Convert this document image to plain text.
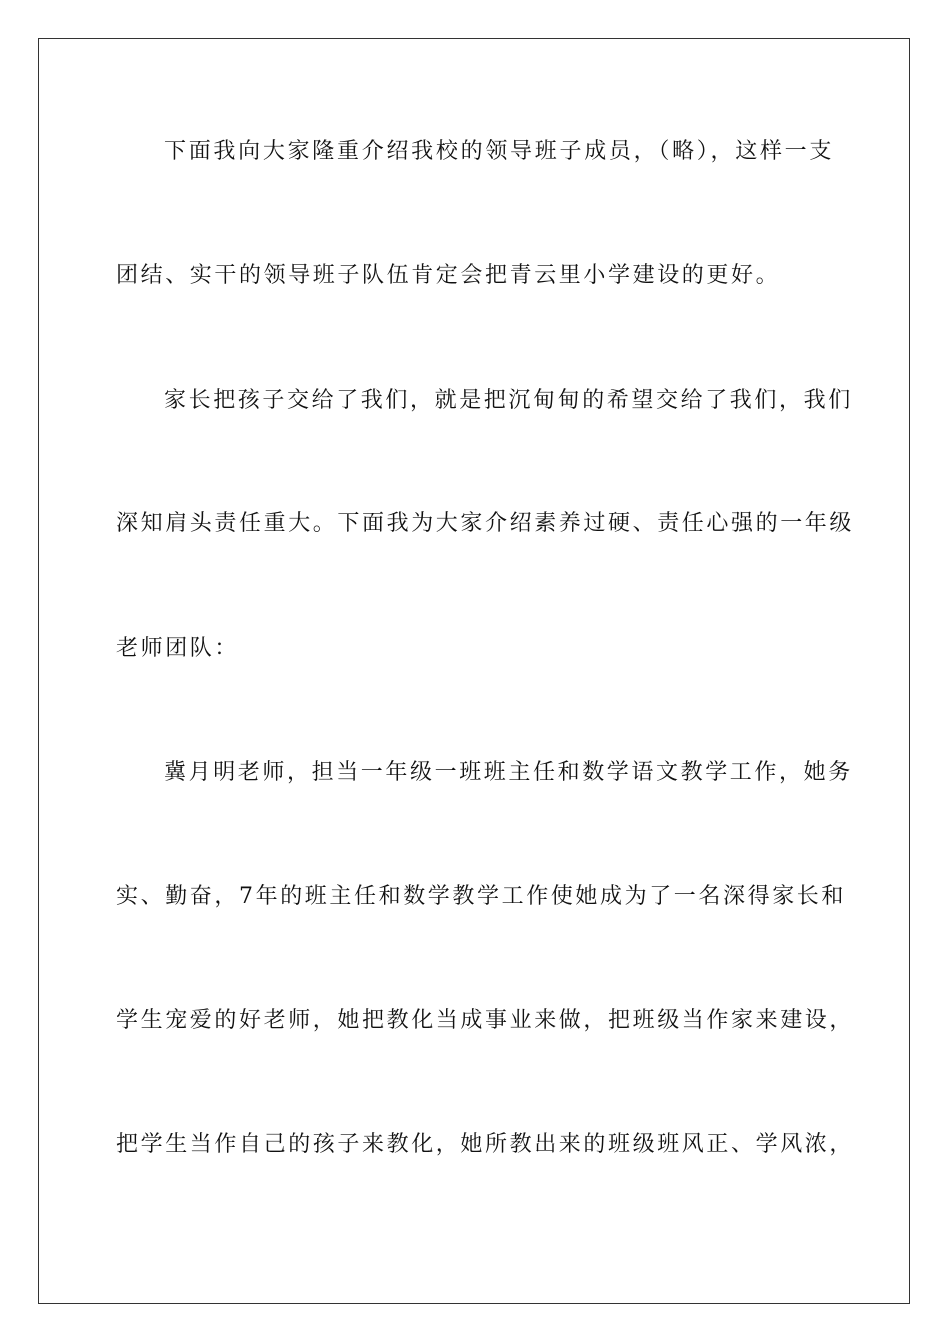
下面我向大家隆重介绍我校的领导班子成员，（略），这样一支
团结、实干的领导班子队伍肯定会把青云里小学建设的更好。
家长把孩子交给了我们，就是把沉甸甸的希望交给了我们，我们
深知肩头责任重大。下面我为大家介绍素养过硬、责任心强的一年级
老师团队：
冀月明老师，担当一年级一班班主任和数学语文教学工作，她务
实、勤奋，7年的班主任和数学教学工作使她成为了一名深得家长和
学生宠爱的好老师，她把教化当成事业来做，把班级当作家来建设，
把学生当作自己的孩子来教化，她所教出来的班级班风正、学风浓，
